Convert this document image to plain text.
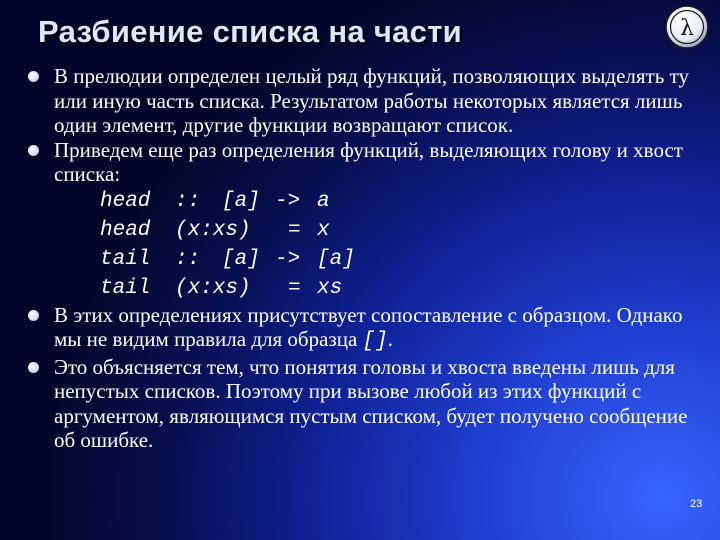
Разбиение списка на части	λ
В прелюдии определен целый ряд функций, позволяющих выделять ту или иную часть списка. Результатом работы некоторых является лишь один элемент, другие функции возвращают список.
Приведем еще раз определения функций, выделяющих голову и хвост списка:

head

::

[a]

->

a

head

(x:xs)

=

x

tail

::

[a]

->

[a]

tail

(x:xs)

=

xs

В этих определениях присутствует сопоставление с образцом. Однако мы не видим правила для образца [].
Это объясняется тем, что понятия головы и хвоста введены лишь для непустых списков. Поэтому при вызове любой из этих функций с аргументом, являющимся пустым списком, будет получено сообщение об ошибке.
23
